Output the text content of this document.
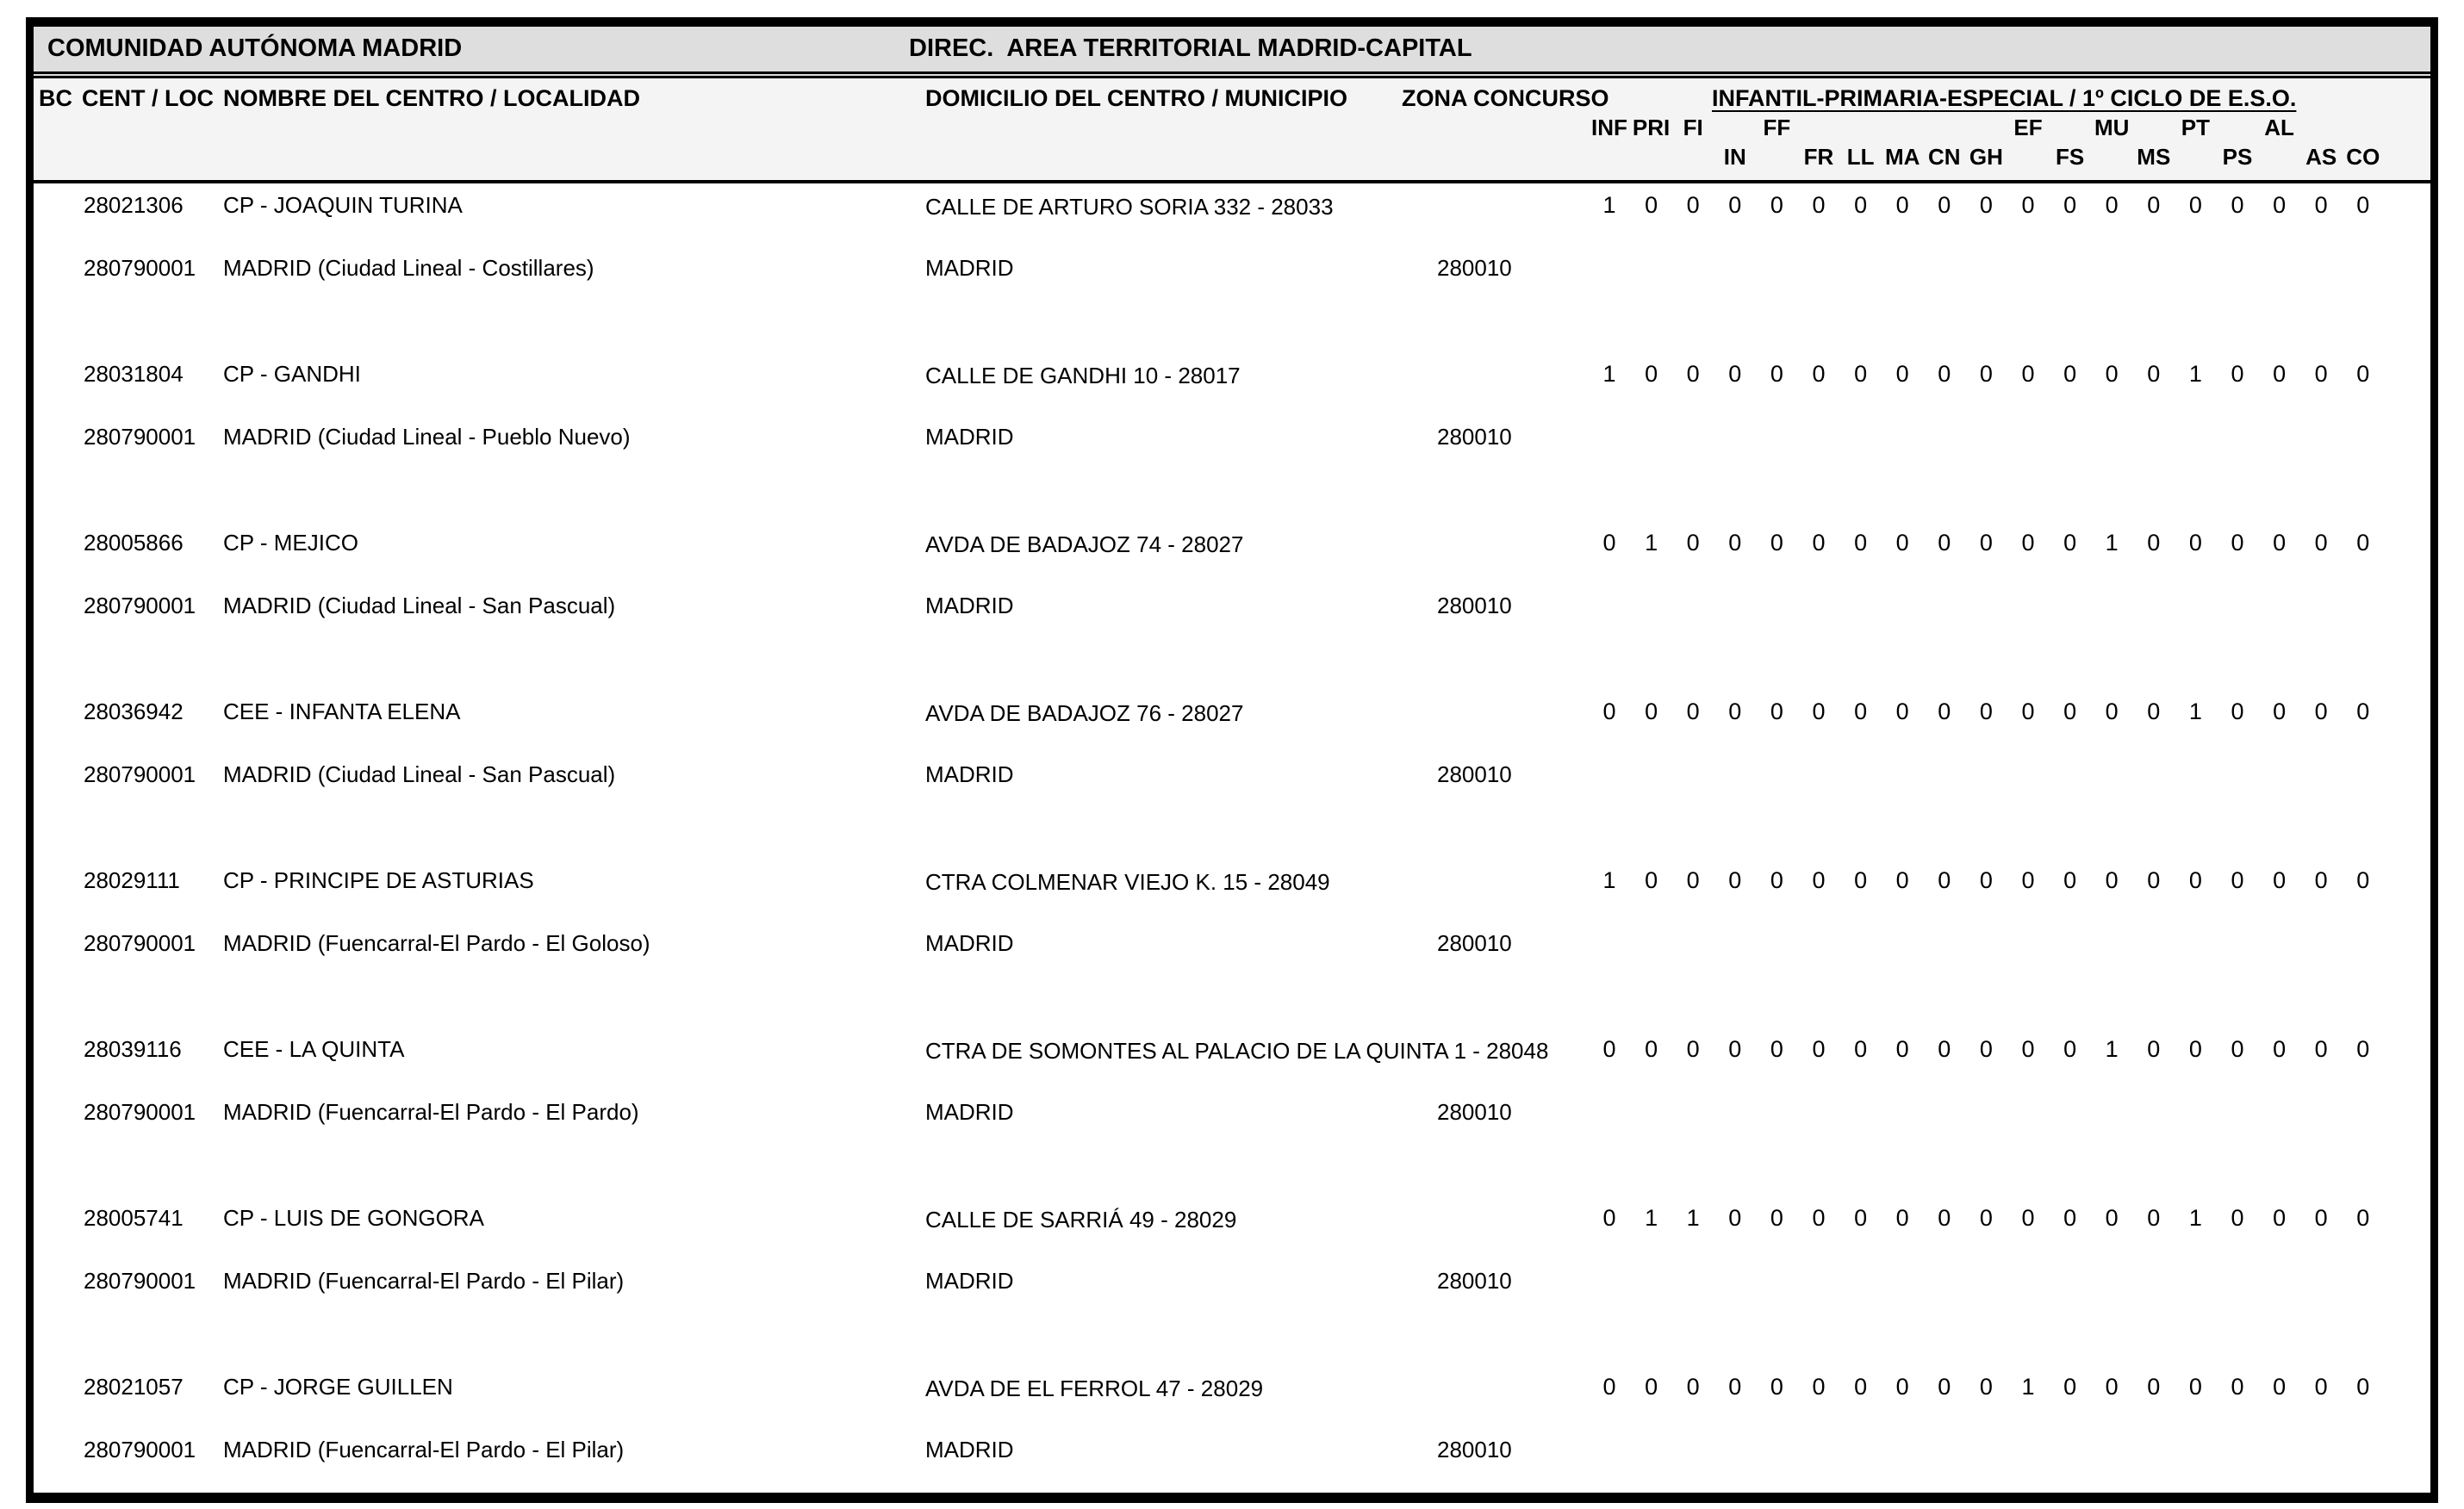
COMUNIDAD AUTÓNOMA MADRID	DIREC.  AREA TERRITORIAL MADRID-CAPITAL
BC CENT / LOC NOMBRE DEL CENTRO / LOCALIDAD	DOMICILIO DEL CENTRO / MUNICIPIO ZONA CONCURSO	INFANTIL-PRIMARIA-ESPECIAL / 1º CICLO DE E.S.O.
INF PRI FI	FF	EF MU PT AL
IN	FR LL MA CN GH FS MS PS AS CO
28021306 CP - JOAQUIN TURINA	CALLE DE ARTURO SORIA 332 - 28033
280790001 MADRID (Ciudad Lineal - Costillares)	MADRID	280010
1 0 0 0 0 0 0 0 0 0 0 0 0 0 0 0 0 0 0
28031804 CP - GANDHI	CALLE DE GANDHI 10 - 28017
280790001 MADRID (Ciudad Lineal - Pueblo Nuevo)	MADRID	280010
1 0 0 0 0 0 0 0 0 0 0 0 0 0 1 0 0 0 0
28005866 CP - MEJICO	AVDA DE BADAJOZ 74 - 28027
280790001 MADRID (Ciudad Lineal - San Pascual)	MADRID	280010
0 1 0 0 0 0 0 0 0 0 0 0 1 0 0 0 0 0 0
28036942 CEE - INFANTA ELENA	AVDA DE BADAJOZ 76 - 28027
280790001 MADRID (Ciudad Lineal - San Pascual)	MADRID	280010
0 0 0 0 0 0 0 0 0 0 0 0 0 0 1 0 0 0 0
28029111 CP - PRINCIPE DE ASTURIAS	CTRA COLMENAR VIEJO K. 15 - 28049
280790001 MADRID (Fuencarral-El Pardo - El Goloso)	MADRID	280010
1 0 0 0 0 0 0 0 0 0 0 0 0 0 0 0 0 0 0
28039116 CEE - LA QUINTA	CTRA DE SOMONTES AL PALACIO DE LA QUINTA 1 - 28048
280790001 MADRID (Fuencarral-El Pardo - El Pardo)	MADRID	280010
0 0 0 0 0 0 0 0 0 0 0 0 1 0 0 0 0 0 0
28005741 CP - LUIS DE GONGORA	CALLE DE SARRIÁ 49 - 28029
280790001 MADRID (Fuencarral-El Pardo - El Pilar)	MADRID	280010
0 1 1 0 0 0 0 0 0 0 0 0 0 0 1 0 0 0 0
28021057 CP - JORGE GUILLEN	AVDA DE EL FERROL 47 - 28029
280790001 MADRID (Fuencarral-El Pardo - El Pilar)	MADRID	280010
0 0 0 0 0 0 0 0 0 0 1 0 0 0 0 0 0 0 0
